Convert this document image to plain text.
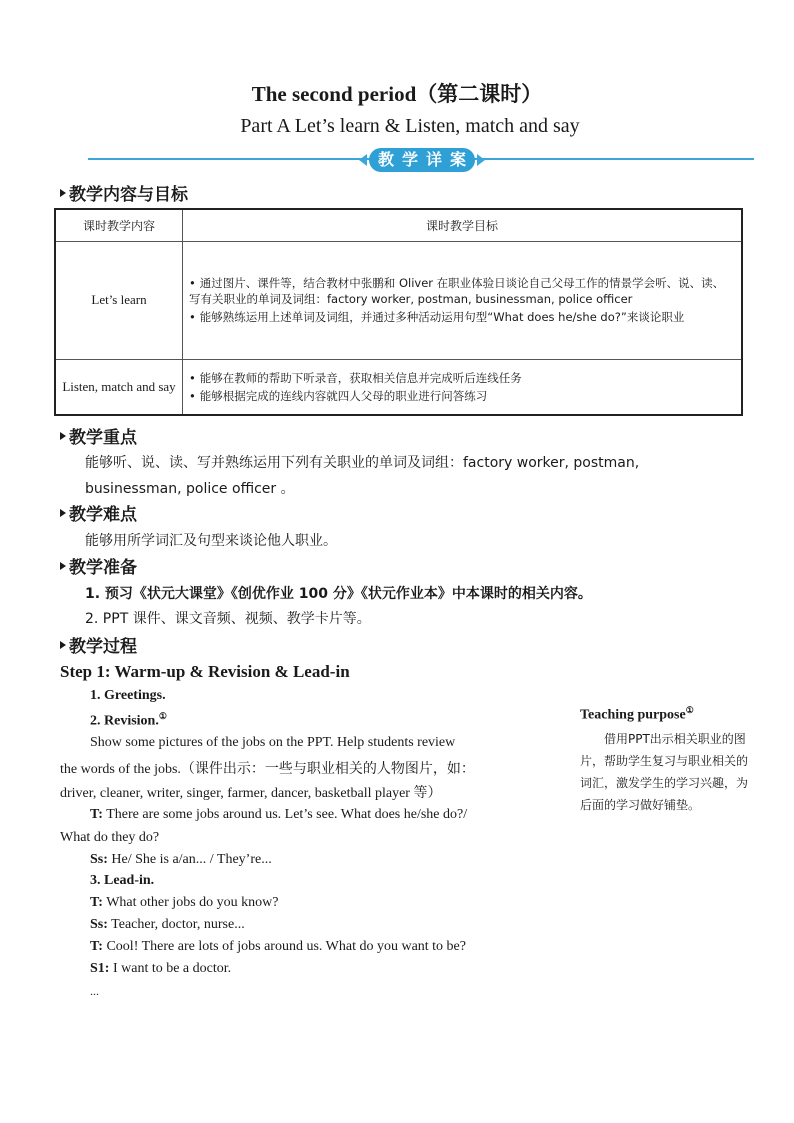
The second period（第二课时）
Part A Let’s learn & Listen, match and say
教 学 详 案
教学内容与目标
课时教学内容	课时教学目标
Let’s learn	• 通过图片、课件等，结合教材中张鹏和 Oliver 在职业体验日谈论自己父母工作的情景学会听、说、读、写有关职业的单词及词组：factory worker, postman, businessman, police officer
• 能够熟练运用上述单词及词组，并通过多种活动运用句型“What does he/she do?”来谈论职业

Listen, match and say	• 能够在教师的帮助下听录音，获取相关信息并完成听后连线任务
• 能够根据完成的连线内容就四人父母的职业进行问答练习
教学重点
能够听、说、读、写并熟练运用下列有关职业的单词及词组：factory worker, postman,
businessman, police officer 。
教学难点
能够用所学词汇及句型来谈论他人职业。
教学准备
1. 预习《状元大课堂》《创优作业 100 分》《状元作业本》中本课时的相关内容。
2. PPT 课件、课文音频、视频、教学卡片等。
教学过程
Step 1: Warm-up & Revision & Lead-in
1. Greetings.
2. Revision.①
Show some pictures of the jobs on the PPT. Help students review
the words of the jobs.（课件出示：一些与职业相关的人物图片，如：
driver, cleaner, writer, singer, farmer, dancer, basketball player 等）
T: There are some jobs around us. Let’s see. What does he/she do?/
What do they do?
Ss: He/ She is a/an... / They’re...
3. Lead-in.
T: What other jobs do you know?
Ss: Teacher, doctor, nurse...
T: Cool! There are lots of jobs around us. What do you want to be?
S1: I want to be a doctor.
...
Teaching purpose①
借用PPT出示相关职业的图片，帮助学生复习与职业相关的词汇，激发学生的学习兴趣，为后面的学习做好铺垫。
